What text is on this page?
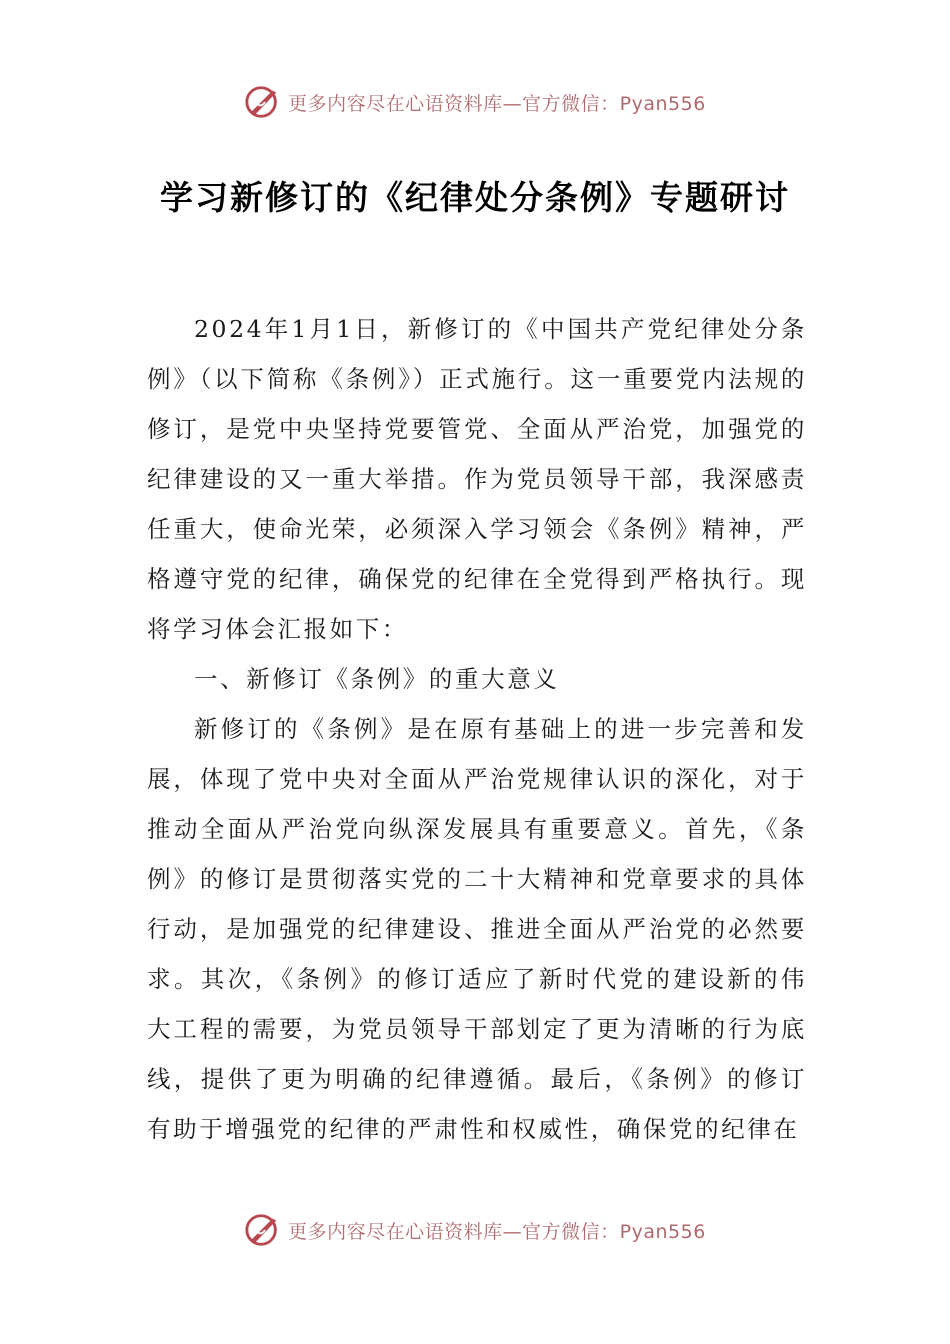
更多内容尽在心语资料库—官方微信：Pyan556
学习新修订的《纪律处分条例》专题研讨

2024年1月1日，新修订的《中国共产党纪律处分条例》（以下简称《条例》）正式施行。这一重要党内法规的修订，是党中央坚持党要管党、全面从严治党，加强党的纪律建设的又一重大举措。作为党员领导干部，我深感责任重大，使命光荣，必须深入学习领会《条例》精神，严格遵守党的纪律，确保党的纪律在全党得到严格执行。现将学习体会汇报如下：

一、新修订《条例》的重大意义

新修订的《条例》是在原有基础上的进一步完善和发展，体现了党中央对全面从严治党规律认识的深化，对于推动全面从严治党向纵深发展具有重要意义。首先，《条例》的修订是贯彻落实党的二十大精神和党章要求的具体行动，是加强党的纪律建设、推进全面从严治党的必然要求。其次，《条例》的修订适应了新时代党的建设新的伟大工程的需要，为党员领导干部划定了更为清晰的行为底线，提供了更为明确的纪律遵循。最后，《条例》的修订有助于增强党的纪律的严肃性和权威性，确保党的纪律在

更多内容尽在心语资料库—官方微信：Pyan556
